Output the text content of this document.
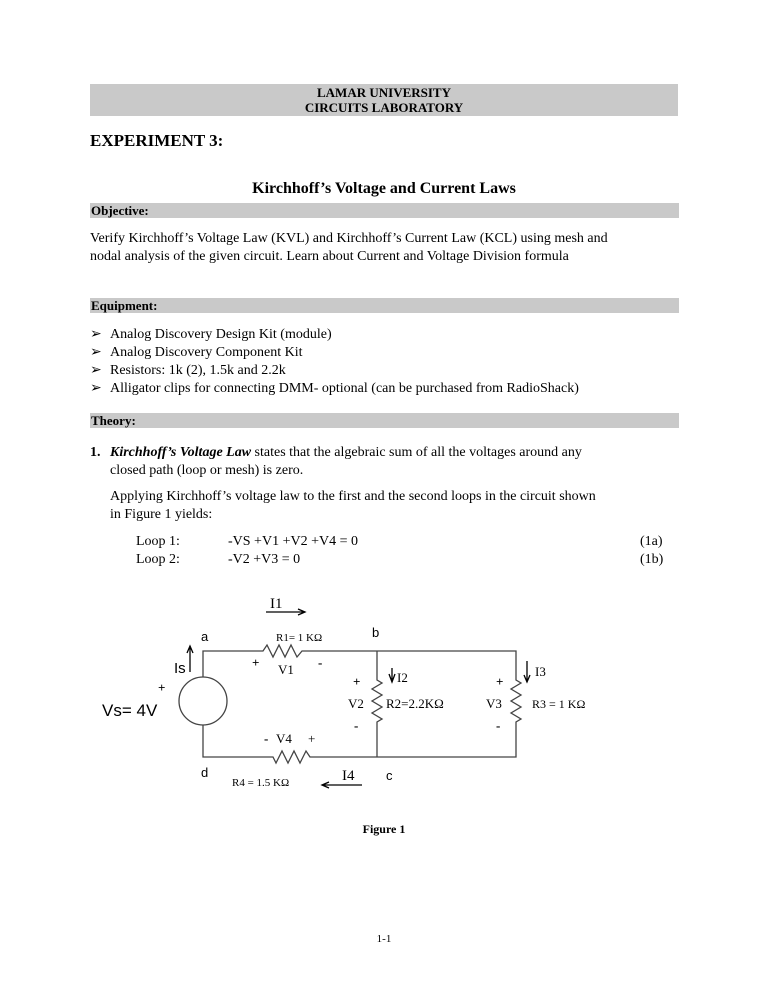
LAMAR UNIVERSITY
CIRCUITS LABORATORY
EXPERIMENT 3:
Kirchhoff’s Voltage and Current Laws
Objective:
Verify Kirchhoff’s Voltage Law (KVL) and Kirchhoff’s Current Law (KCL) using mesh and
nodal analysis of the given circuit. Learn about Current and Voltage Division formula
Equipment:
➢ Analog Discovery Design Kit (module)
➢ Analog Discovery Component Kit
➢ Resistors: 1k (2), 1.5k and 2.2k
➢ Alligator clips for connecting DMM- optional (can be purchased from RadioShack)
Theory:
1. Kirchhoff’s Voltage Law states that the algebraic sum of all the voltages around any
closed path (loop or mesh) is zero.
Applying Kirchhoff’s voltage law to the first and the second loops in the circuit shown
in Figure 1 yields:
Loop 1:	-VS +V1 +V2 +V4 = 0	(1a)
Loop 2:	-V2 +V3 = 0	(1b)
I1
a	b
c
d
R1= 1 KΩ
V1
+	-
Is
+
Vs= 4V
+
-
V2
I2
R2=2.2KΩ
+
-
V3
I3
R3 = 1 KΩ
- V4 +
R4 = 1.5 KΩ	I4
Figure 1
1-1
